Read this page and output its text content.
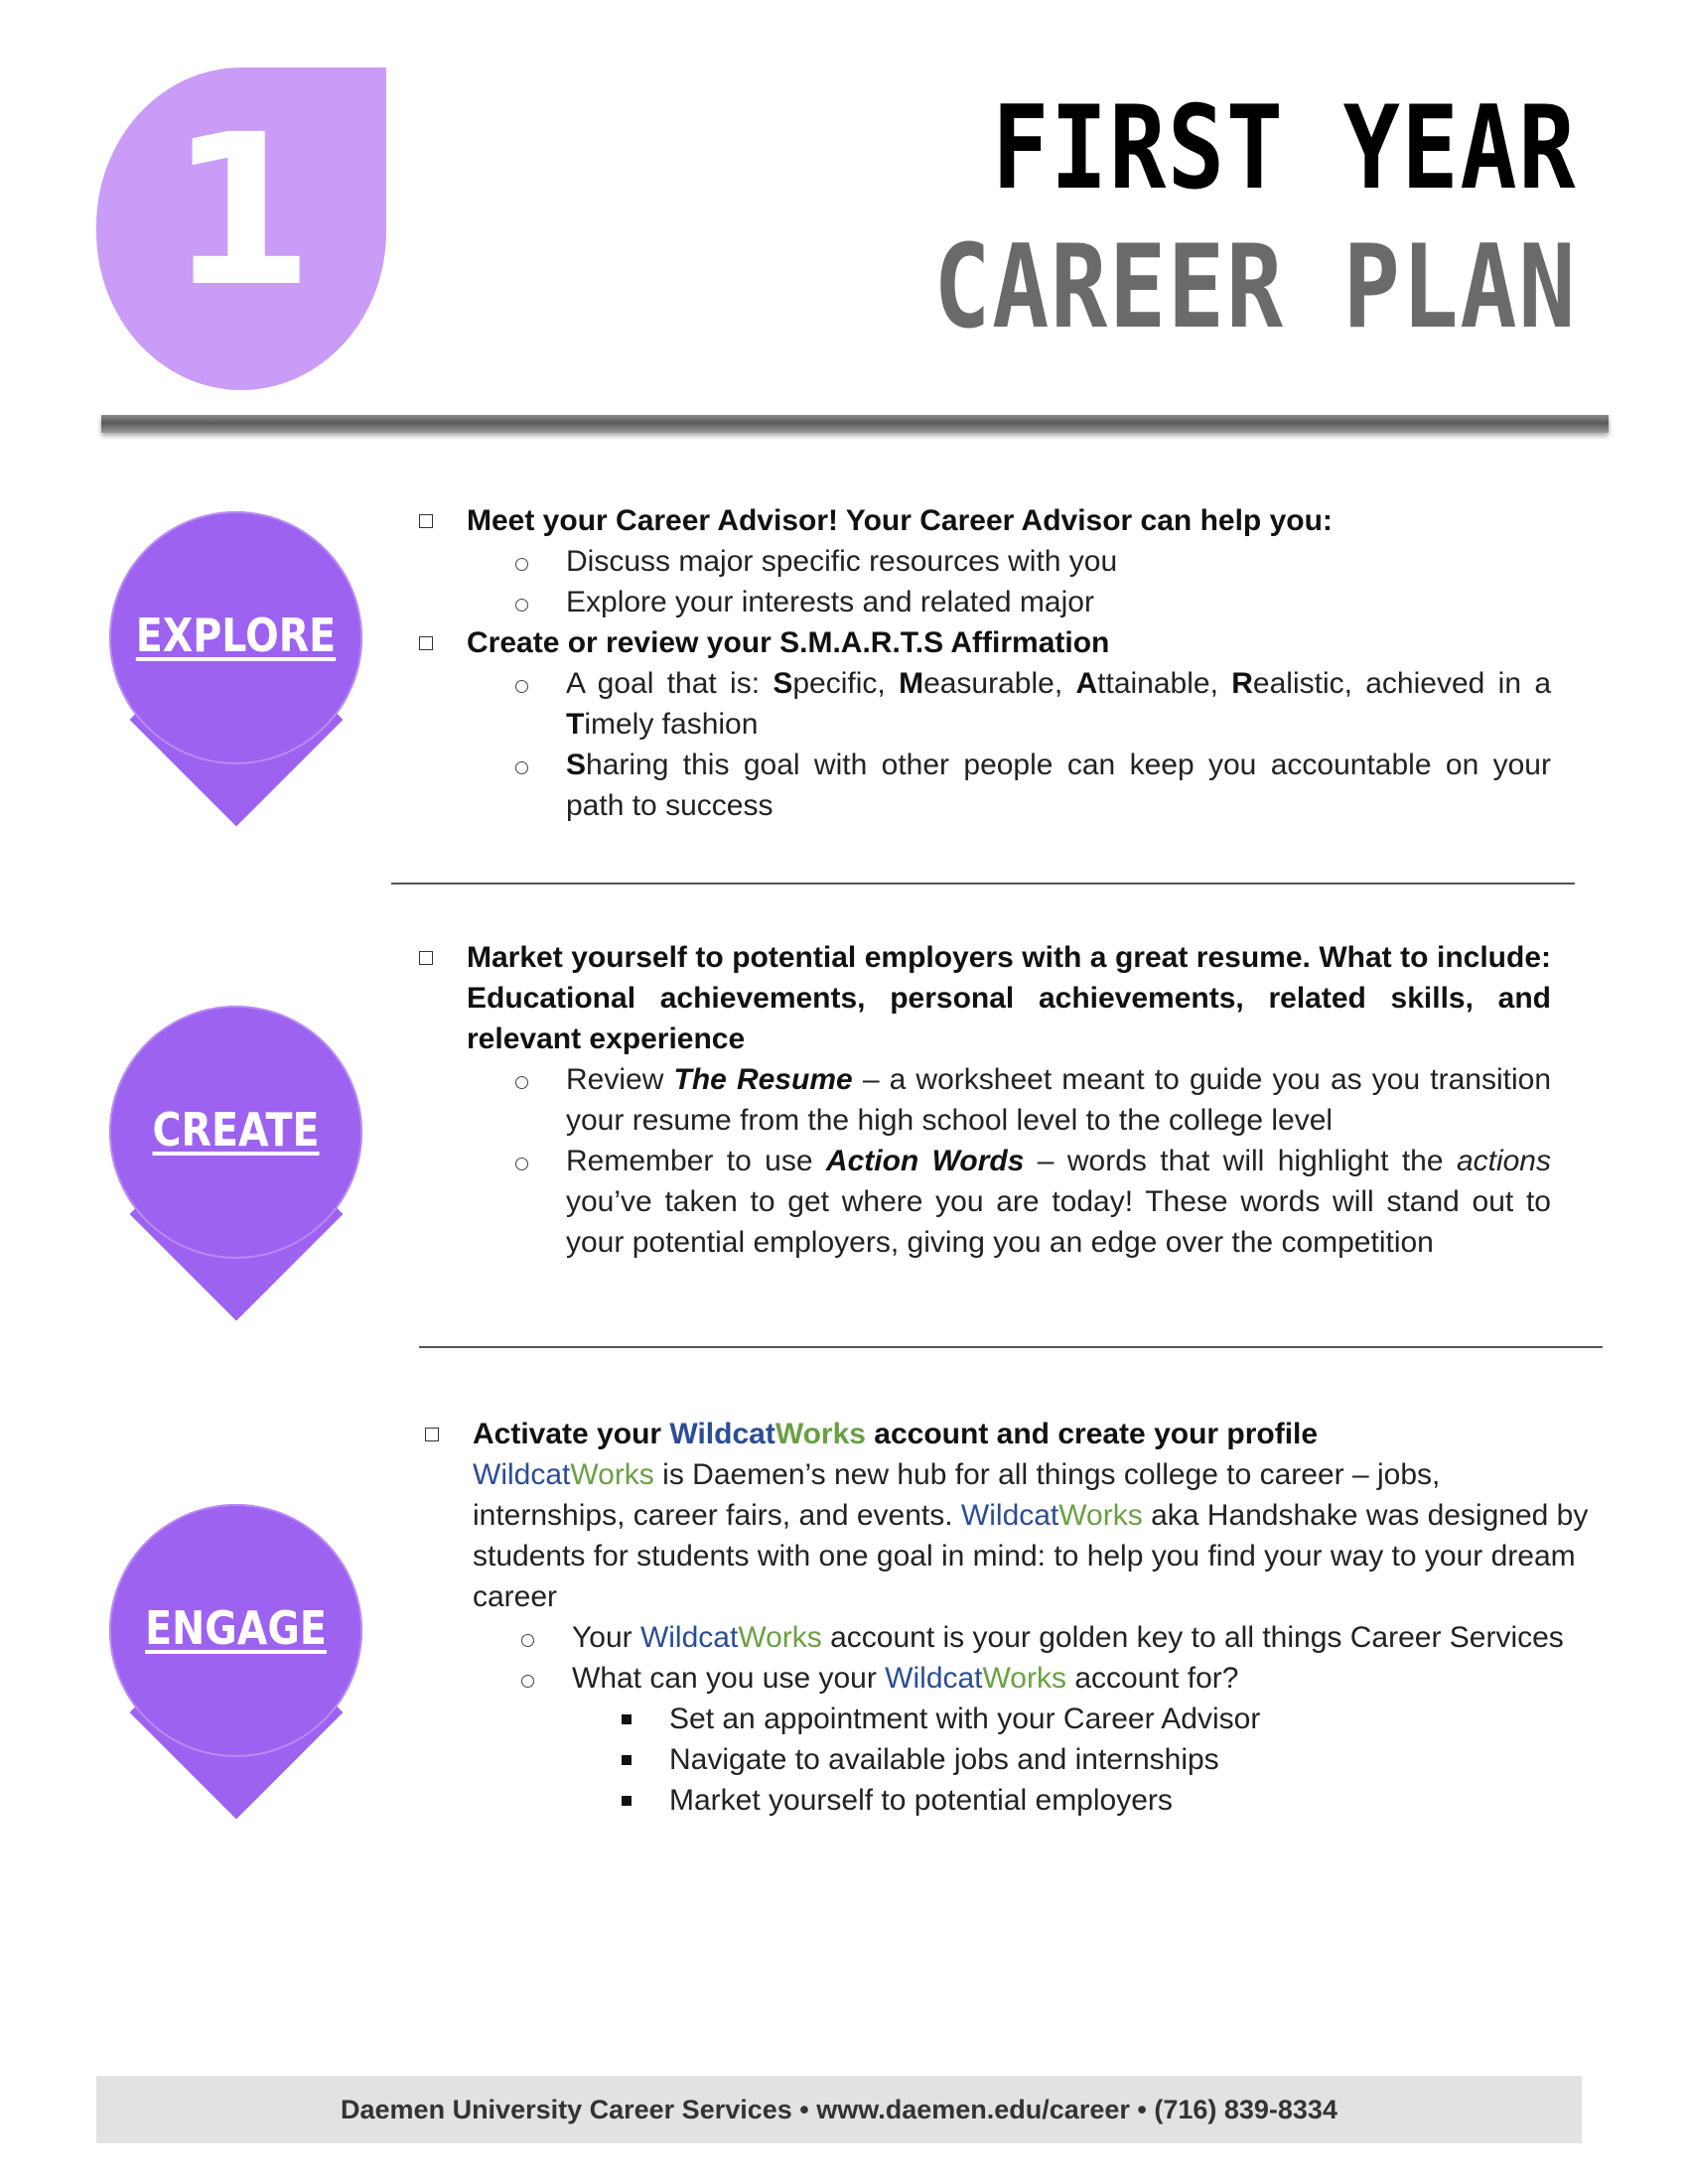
1	FIRST YEAR
CAREER PLAN
EXPLORE
CREATE
ENGAGE
Meet your Career Advisor! Your Career Advisor can help you:
Discuss major specific resources with you
Explore your interests and related major
Create or review your S.M.A.R.T.S Affirmation
A goal that is: Specific, Measurable, Attainable, Realistic, achieved in a Timely fashion
Sharing this goal with other people can keep you accountable on your path to success
Market yourself to potential employers with a great resume. What to include: Educational achievements, personal achievements, related skills, and relevant experience
Review The Resume – a worksheet meant to guide you as you transition your resume from the high school level to the college level
Remember to use Action Words – words that will highlight the actions you’ve taken to get where you are today! These words will stand out to your potential employers, giving you an edge over the competition
Activate your WildcatWorks account and create your profile
WildcatWorks is Daemen’s new hub for all things college to career – jobs, internships, career fairs, and events. WildcatWorks aka Handshake was designed by students for students with one goal in mind: to help you find your way to your dream career
Your WildcatWorks account is your golden key to all things Career Services
What can you use your WildcatWorks account for?
Set an appointment with your Career Advisor
Navigate to available jobs and internships
Market yourself to potential employers
Daemen University Career Services • www.daemen.edu/career • (716) 839-8334
